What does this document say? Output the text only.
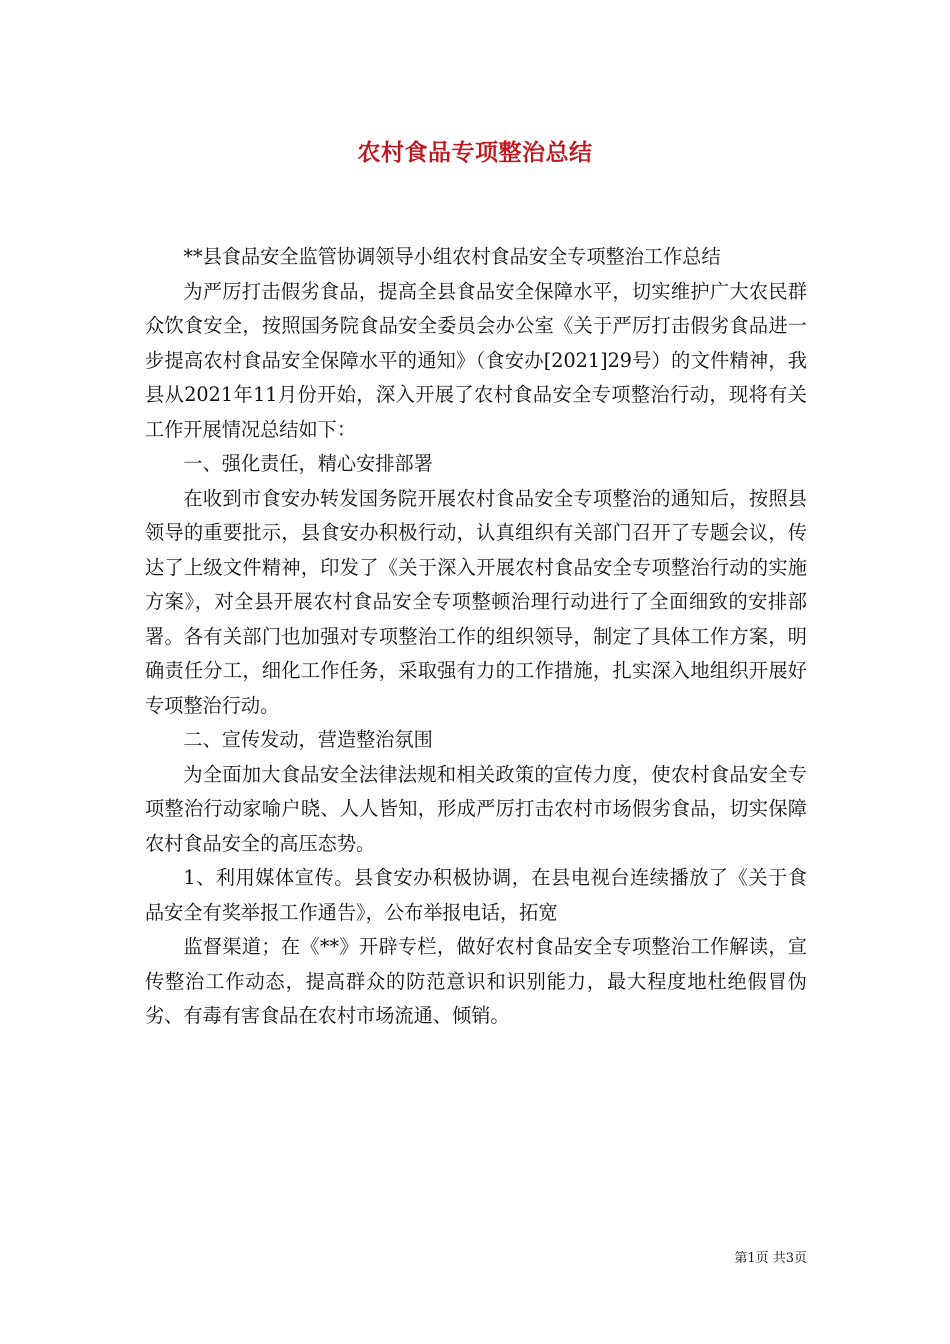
农村食品专项整治总结

**县食品安全监管协调领导小组农村食品安全专项整治工作总结

为严厉打击假劣食品，提高全县食品安全保障水平，切实维护广大农民群众饮食安全，按照国务院食品安全委员会办公室《关于严厉打击假劣食品进一步提高农村食品安全保障水平的通知》（食安办[2021]29号）的文件精神，我县从2021年11月份开始，深入开展了农村食品安全专项整治行动，现将有关工作开展情况总结如下：

一、强化责任，精心安排部署

在收到市食安办转发国务院开展农村食品安全专项整治的通知后，按照县领导的重要批示，县食安办积极行动，认真组织有关部门召开了专题会议，传达了上级文件精神，印发了《关于深入开展农村食品安全专项整治行动的实施方案》，对全县开展农村食品安全专项整顿治理行动进行了全面细致的安排部署。各有关部门也加强对专项整治工作的组织领导，制定了具体工作方案，明确责任分工，细化工作任务，采取强有力的工作措施，扎实深入地组织开展好专项整治行动。

二、宣传发动，营造整治氛围

为全面加大食品安全法律法规和相关政策的宣传力度，使农村食品安全专项整治行动家喻户晓、人人皆知，形成严厉打击农村市场假劣食品，切实保障农村食品安全的高压态势。

1、利用媒体宣传。县食安办积极协调，在县电视台连续播放了《关于食品安全有奖举报工作通告》，公布举报电话，拓宽

监督渠道；在《**》开辟专栏，做好农村食品安全专项整治工作解读，宣传整治工作动态，提高群众的防范意识和识别能力，最大程度地杜绝假冒伪劣、有毒有害食品在农村市场流通、倾销。

第1页 共3页
